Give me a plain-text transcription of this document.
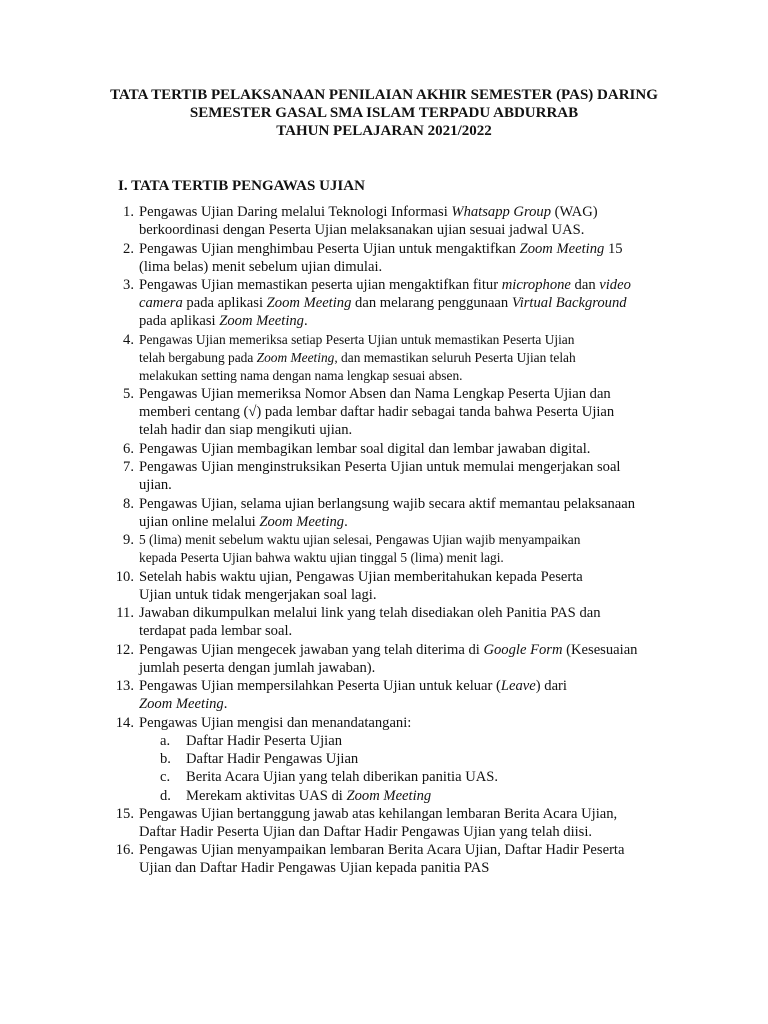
TATA TERTIB PELAKSANAAN PENILAIAN AKHIR SEMESTER (PAS) DARING
SEMESTER GASAL SMA ISLAM TERPADU ABDURRAB
TAHUN PELAJARAN 2021/2022
I. TATA TERTIB PENGAWAS UJIAN
1. Pengawas Ujian Daring melalui Teknologi Informasi Whatsapp Group (WAG)
berkoordinasi dengan Peserta Ujian melaksanakan ujian sesuai jadwal UAS.
2. Pengawas Ujian menghimbau Peserta Ujian untuk mengaktifkan Zoom Meeting 15
(lima belas) menit sebelum ujian dimulai.
3. Pengawas Ujian memastikan peserta ujian mengaktifkan fitur microphone dan video
camera pada aplikasi Zoom Meeting dan melarang penggunaan Virtual Background
pada aplikasi Zoom Meeting.
4. Pengawas Ujian memeriksa setiap Peserta Ujian untuk memastikan Peserta Ujian
telah bergabung pada Zoom Meeting, dan memastikan seluruh Peserta Ujian telah
melakukan setting nama dengan nama lengkap sesuai absen.
5. Pengawas Ujian memeriksa Nomor Absen dan Nama Lengkap Peserta Ujian dan
memberi centang (√) pada lembar daftar hadir sebagai tanda bahwa Peserta Ujian
telah hadir dan siap mengikuti ujian.
6. Pengawas Ujian membagikan lembar soal digital dan lembar jawaban digital.
7. Pengawas Ujian menginstruksikan Peserta Ujian untuk memulai mengerjakan soal
ujian.
8. Pengawas Ujian, selama ujian berlangsung wajib secara aktif memantau pelaksanaan
ujian online melalui Zoom Meeting.
9. 5 (lima) menit sebelum waktu ujian selesai, Pengawas Ujian wajib menyampaikan
kepada Peserta Ujian bahwa waktu ujian tinggal 5 (lima) menit lagi.
10. Setelah habis waktu ujian, Pengawas Ujian memberitahukan kepada Peserta
Ujian untuk tidak mengerjakan soal lagi.
11. Jawaban dikumpulkan melalui link yang telah disediakan oleh Panitia PAS dan
terdapat pada lembar soal.
12. Pengawas Ujian mengecek jawaban yang telah diterima di Google Form (Kesesuaian
jumlah peserta dengan jumlah jawaban).
13. Pengawas Ujian mempersilahkan Peserta Ujian untuk keluar (Leave) dari
Zoom Meeting.
14. Pengawas Ujian mengisi dan menandatangani:
a.	Daftar Hadir Peserta Ujian
b.	Daftar Hadir Pengawas Ujian
c.	Berita Acara Ujian yang telah diberikan panitia UAS.
d.	Merekam aktivitas UAS di Zoom Meeting
15. Pengawas Ujian bertanggung jawab atas kehilangan lembaran Berita Acara Ujian,
Daftar Hadir Peserta Ujian dan Daftar Hadir Pengawas Ujian yang telah diisi.
16. Pengawas Ujian menyampaikan lembaran Berita Acara Ujian, Daftar Hadir Peserta
Ujian dan Daftar Hadir Pengawas Ujian kepada panitia PAS
